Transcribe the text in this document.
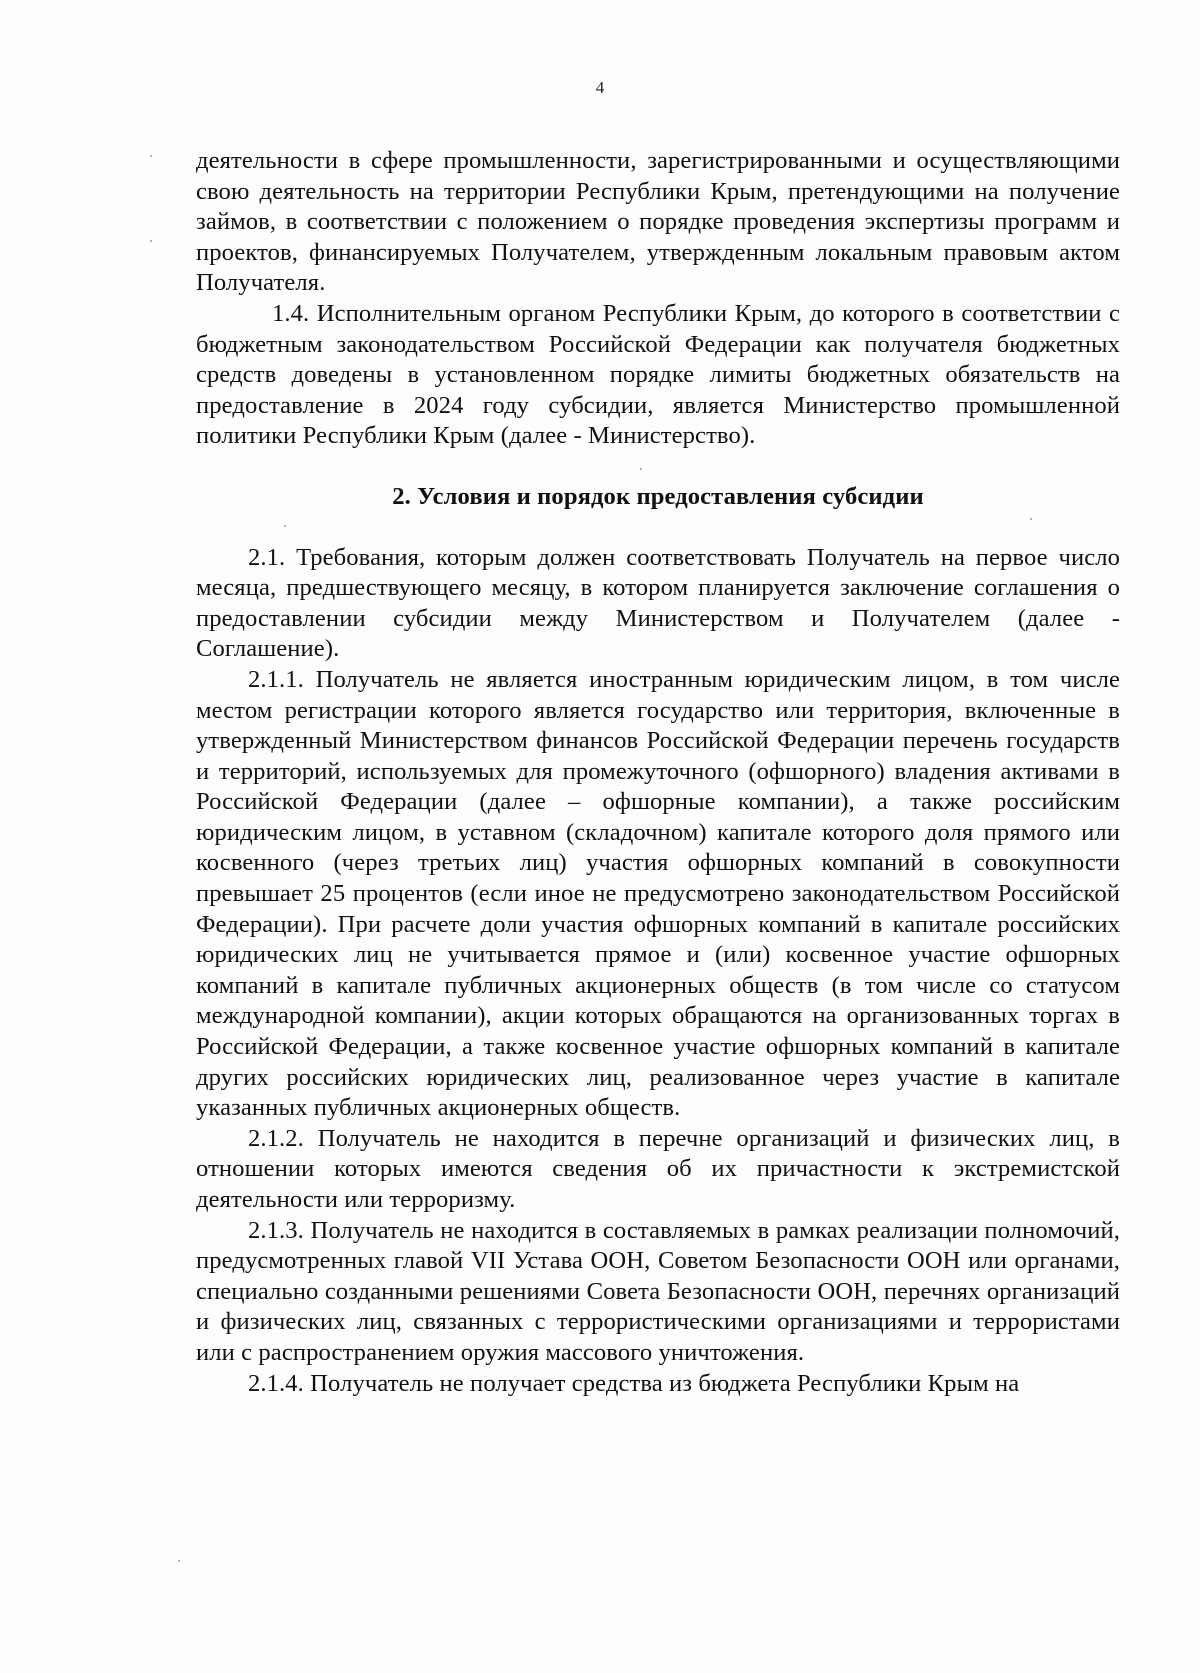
4

деятельности в сфере промышленности, зарегистрированными и осуществляющими свою деятельность на территории Республики Крым, претендующими на получение займов, в соответствии с положением о порядке проведения экспертизы программ и проектов, финансируемых Получателем, утвержденным локальным правовым актом Получателя.

1.4. Исполнительным органом Республики Крым, до которого в соответствии с бюджетным законодательством Российской Федерации как получателя бюджетных средств доведены в установленном порядке лимиты бюджетных обязательств на предоставление в 2024 году субсидии, является Министерство промышленной политики Республики Крым (далее - Министерство).

2. Условия и порядок предоставления субсидии

2.1. Требования, которым должен соответствовать Получатель на первое число месяца, предшествующего месяцу, в котором планируется заключение соглашения о предоставлении субсидии между Министерством и Получателем (далее - Соглашение).

2.1.1. Получатель не является иностранным юридическим лицом, в том числе местом регистрации которого является государство или территория, включенные в утвержденный Министерством финансов Российской Федерации перечень государств и территорий, используемых для промежуточного (офшорного) владения активами в Российской Федерации (далее – офшорные компании), а также российским юридическим лицом, в уставном (складочном) капитале которого доля прямого или косвенного (через третьих лиц) участия офшорных компаний в совокупности превышает 25 процентов (если иное не предусмотрено законодательством Российской Федерации). При расчете доли участия офшорных компаний в капитале российских юридических лиц не учитывается прямое и (или) косвенное участие офшорных компаний в капитале публичных акционерных обществ (в том числе со статусом международной компании), акции которых обращаются на организованных торгах в Российской Федерации, а также косвенное участие офшорных компаний в капитале других российских юридических лиц, реализованное через участие в капитале указанных публичных акционерных обществ.

2.1.2. Получатель не находится в перечне организаций и физических лиц, в отношении которых имеются сведения об их причастности к экстремистской деятельности или терроризму.

2.1.3. Получатель не находится в составляемых в рамках реализации полномочий, предусмотренных главой VII Устава ООН, Советом Безопасности ООН или органами, специально созданными решениями Совета Безопасности ООН, перечнях организаций и физических лиц, связанных с террористическими организациями и террористами или с распространением оружия массового уничтожения.

2.1.4. Получатель не получает средства из бюджета Республики Крым на
